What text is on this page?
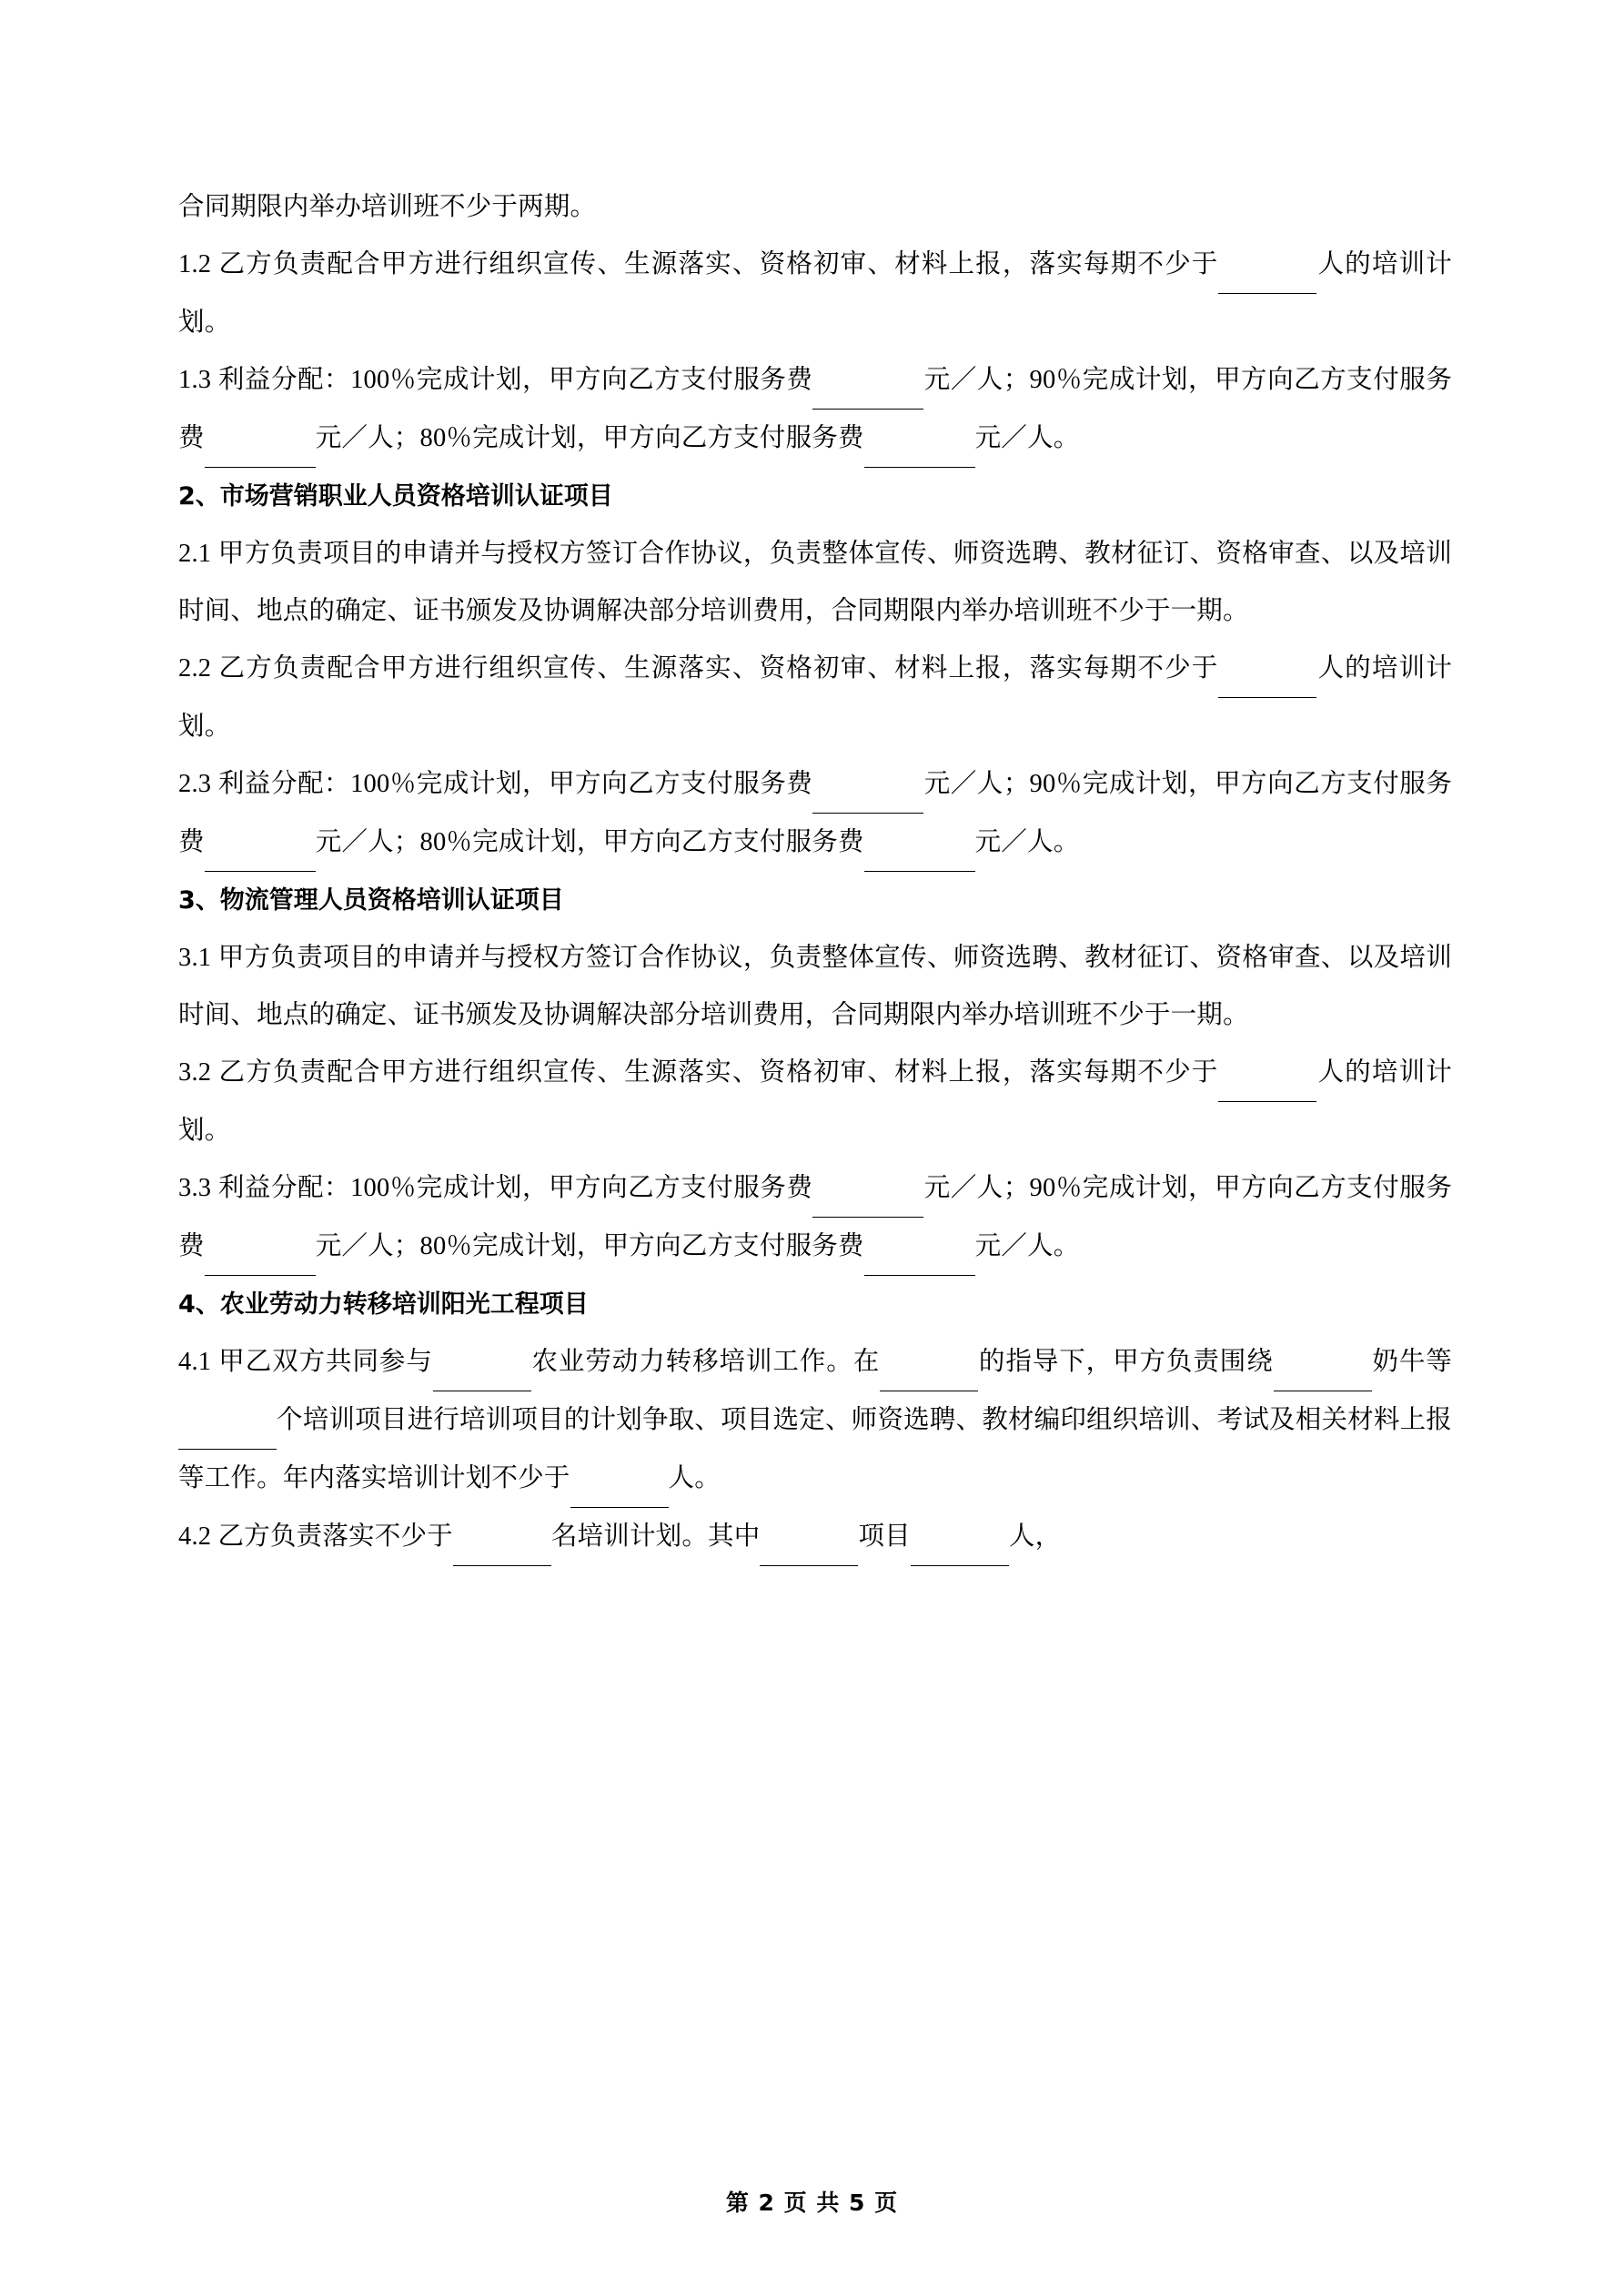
合同期限内举办培训班不少于两期。
1.2 乙方负责配合甲方进行组织宣传、生源落实、资格初审、材料上报，落实每期不少于	人的培训计划。
1.3 利益分配：100％完成计划，甲方向乙方支付服务费	元／人；90％完成计划，甲方向乙方支付服务费	元／人；80％完成计划，甲方向乙方支付服务费	元／人。
2、市场营销职业人员资格培训认证项目
2.1 甲方负责项目的申请并与授权方签订合作协议，负责整体宣传、师资选聘、教材征订、资格审查、以及培训时间、地点的确定、证书颁发及协调解决部分培训费用，合同期限内举办培训班不少于一期。
2.2 乙方负责配合甲方进行组织宣传、生源落实、资格初审、材料上报，落实每期不少于	人的培训计划。
2.3 利益分配：100％完成计划，甲方向乙方支付服务费	元／人；90％完成计划，甲方向乙方支付服务费	元／人；80％完成计划，甲方向乙方支付服务费	元／人。
3、物流管理人员资格培训认证项目
3.1 甲方负责项目的申请并与授权方签订合作协议，负责整体宣传、师资选聘、教材征订、资格审查、以及培训时间、地点的确定、证书颁发及协调解决部分培训费用，合同期限内举办培训班不少于一期。
3.2 乙方负责配合甲方进行组织宣传、生源落实、资格初审、材料上报，落实每期不少于	人的培训计划。
3.3 利益分配：100％完成计划，甲方向乙方支付服务费	元／人；90％完成计划，甲方向乙方支付服务费	元／人；80％完成计划，甲方向乙方支付服务费	元／人。
4、农业劳动力转移培训阳光工程项目
4.1 甲乙双方共同参与	农业劳动力转移培训工作。在	的指导下，甲方负责围绕	奶牛等 个培训项目进行培训项目的计划争取、项目选定、师资选聘、教材编印组织培训、考试及相关材料上报等工作。年内落实培训计划不少于	人。
4.2 乙方负责落实不少于	名培训计划。其中	项目	人，
第 2 页 共 5 页
